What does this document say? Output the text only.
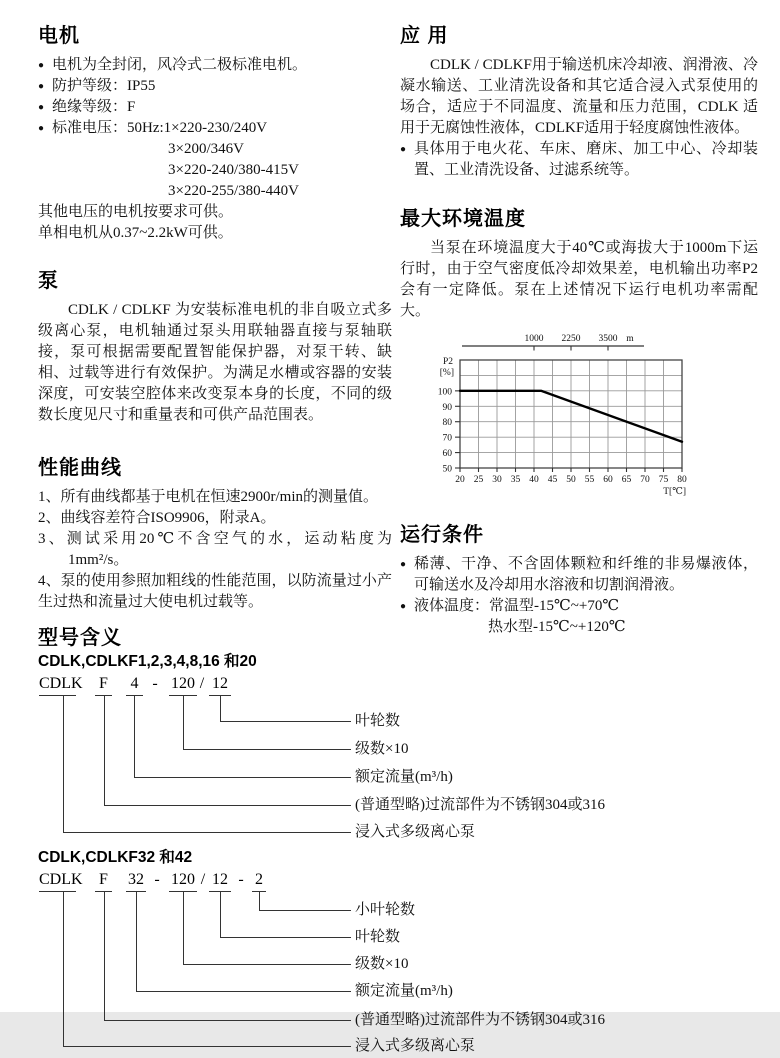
电机
● 电机为全封闭，风冷式二极标准电机。
● 防护等级：IP55
● 绝缘等级：F
● 标准电压：50Hz:1×220-230/240V
3×200/346V
3×220-240/380-415V
3×220-255/380-440V
其他电压的电机按要求可供。
单相电机从0.37~2.2kW可供。
泵

CDLK / CDLKF 为安装标准电机的非自吸立式多级离心泵，电机轴通过泵头用联轴器直接与泵轴联接，泵可根据需要配置智能保护器，对泵干转、缺相、过载等进行有效保护。为满足水槽或容器的安装深度，可安装空腔体来改变泵本身的长度，不同的级数长度见尺寸和重量表和可供产品范围表。

性能曲线
1、所有曲线都基于电机在恒速2900r/min的测量值。
2、曲线容差符合ISO9906，附录A。
3、测试采用20℃不含空气的水，运动粘度为1mm²/s。
4、泵的使用参照加粗线的性能范围，以防流量过小产生过热和流量过大使电机过载等。
型号含义
CDLK,CDLKF1,2,3,4,8,16 和20
CDLK F 4 - 120 / 12
叶轮数
级数×10
额定流量(m³/h)
(普通型略)过流部件为不锈钢304或316
浸入式多级离心泵
CDLK,CDLKF32 和42
CDLK F 32 - 120 / 12 - 2
小叶轮数
叶轮数
级数×10
额定流量(m³/h)
(普通型略)过流部件为不锈钢304或316
浸入式多级离心泵
应 用

CDLK / CDLKF用于输送机床冷却液、润滑液、冷凝水输送、工业清洗设备和其它适合浸入式泵使用的场合，适应于不同温度、流量和压力范围，CDLK 适用于无腐蚀性液体，CDLKF适用于轻度腐蚀性液体。

● 具体用于电火花、车床、磨床、加工中心、冷却装置、工业清洗设备、过滤系统等。
最大环境温度

当泵在环境温度大于40℃或海拔大于1000m下运行时，由于空气密度低冷却效果差，电机输出功率P2会有一定降低。泵在上述情况下运行电机功率需配大。

50
60
70
80
90
100
20 25 30 35 40 45 50 55 60 65 70 75 80
T[℃]
P2
[%]
1000 2250 3500 m
运行条件
● 稀薄、干净、不含固体颗粒和纤维的非易爆液体，可输送水及冷却用水溶液和切割润滑液。
● 液体温度：常温型-15℃~+70℃
热水型-15℃~+120℃
